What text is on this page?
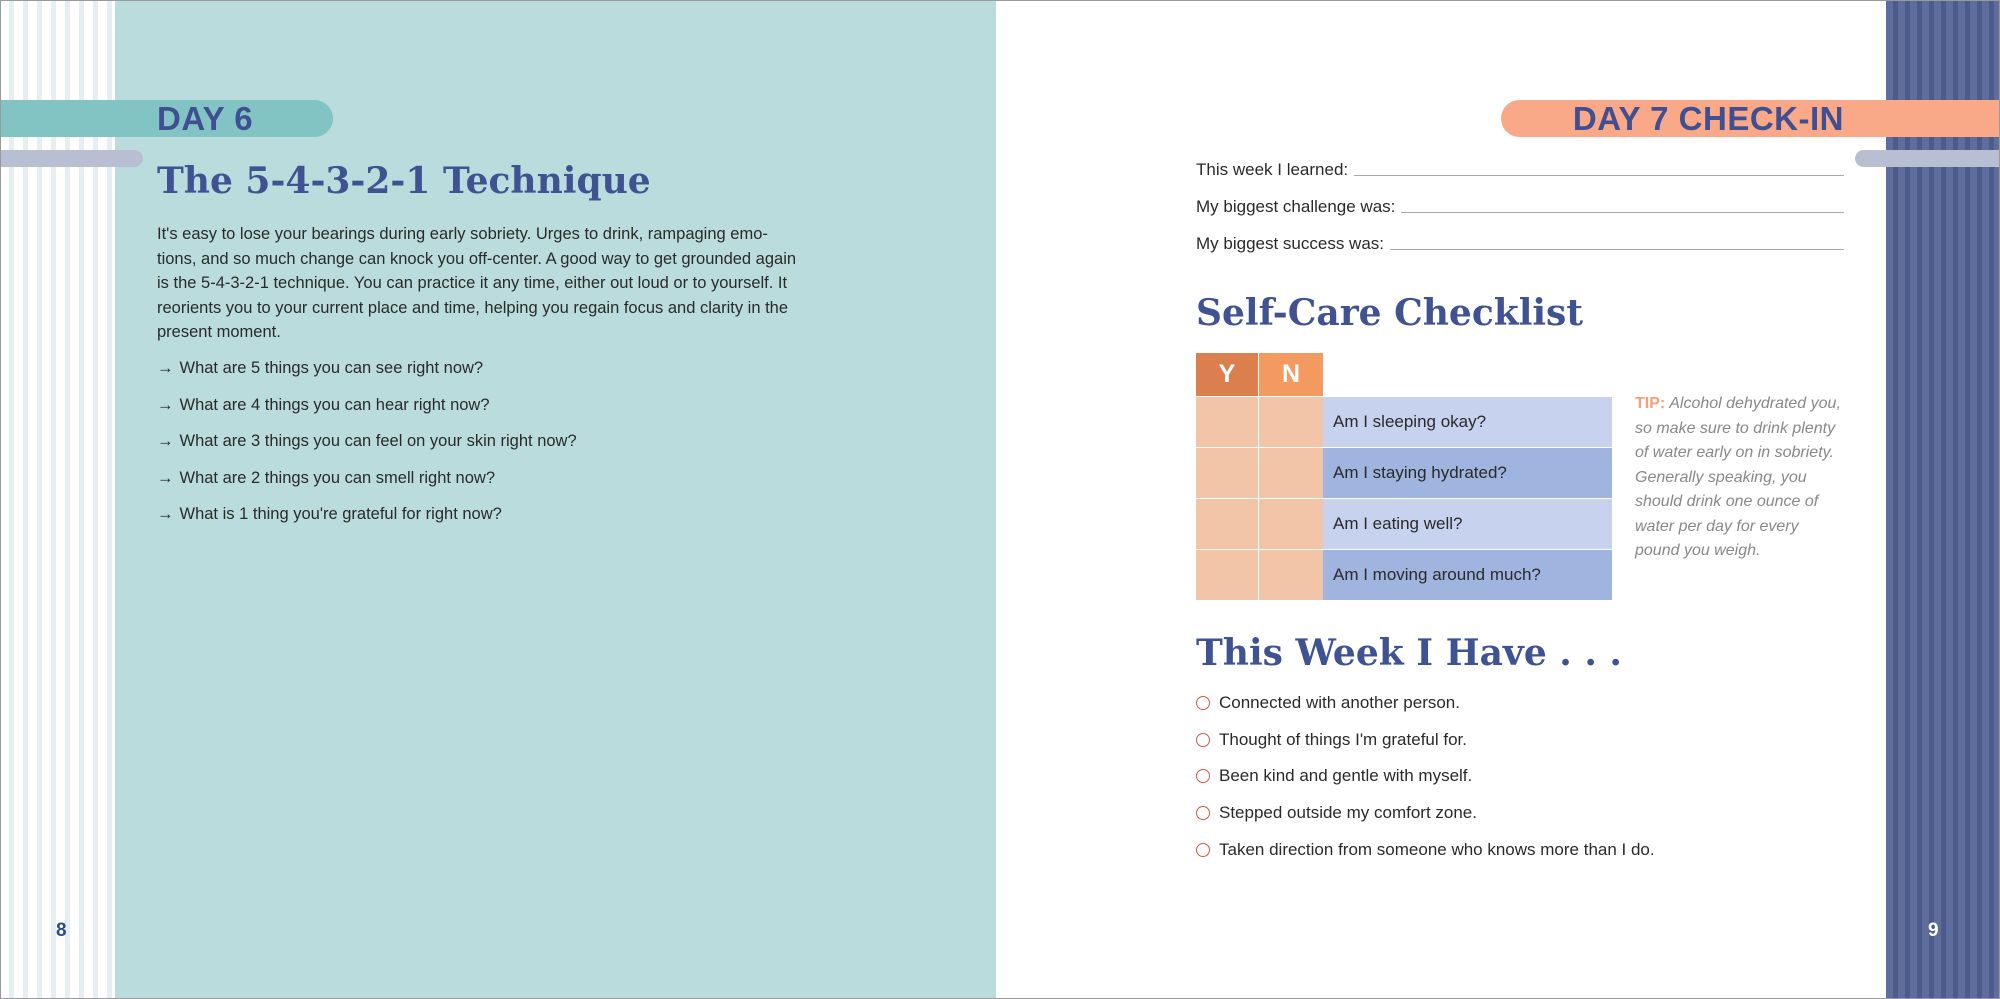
DAY 6
The 5-4-3-2-1 Technique

It's easy to lose your bearings during early sobriety. Urges to drink, rampaging emo-tions, and so much change can knock you off-center. A good way to get grounded again is the 5-4-3-2-1 technique. You can practice it any time, either out loud or to yourself. It reorients you to your current place and time, helping you regain focus and clarity in the present moment.

→ What are 5 things you can see right now?
→ What are 4 things you can hear right now?
→ What are 3 things you can feel on your skin right now?
→ What are 2 things you can smell right now?
→ What is 1 thing you're grateful for right now?
8
DAY 7 CHECK-IN
This week I learned:
My biggest challenge was:
My biggest success was:
Self-Care Checklist
Y	N
Am I sleeping okay?
Am I staying hydrated?
Am I eating well?
Am I moving around much?

TIP: Alcohol dehydrated you, so make sure to drink plenty of water early on in sobriety. Generally speaking, you should drink one ounce of water per day for every pound you weigh.

This Week I Have . . .
Connected with another person.
Thought of things I'm grateful for.
Been kind and gentle with myself.
Stepped outside my comfort zone.
Taken direction from someone who knows more than I do.
9
